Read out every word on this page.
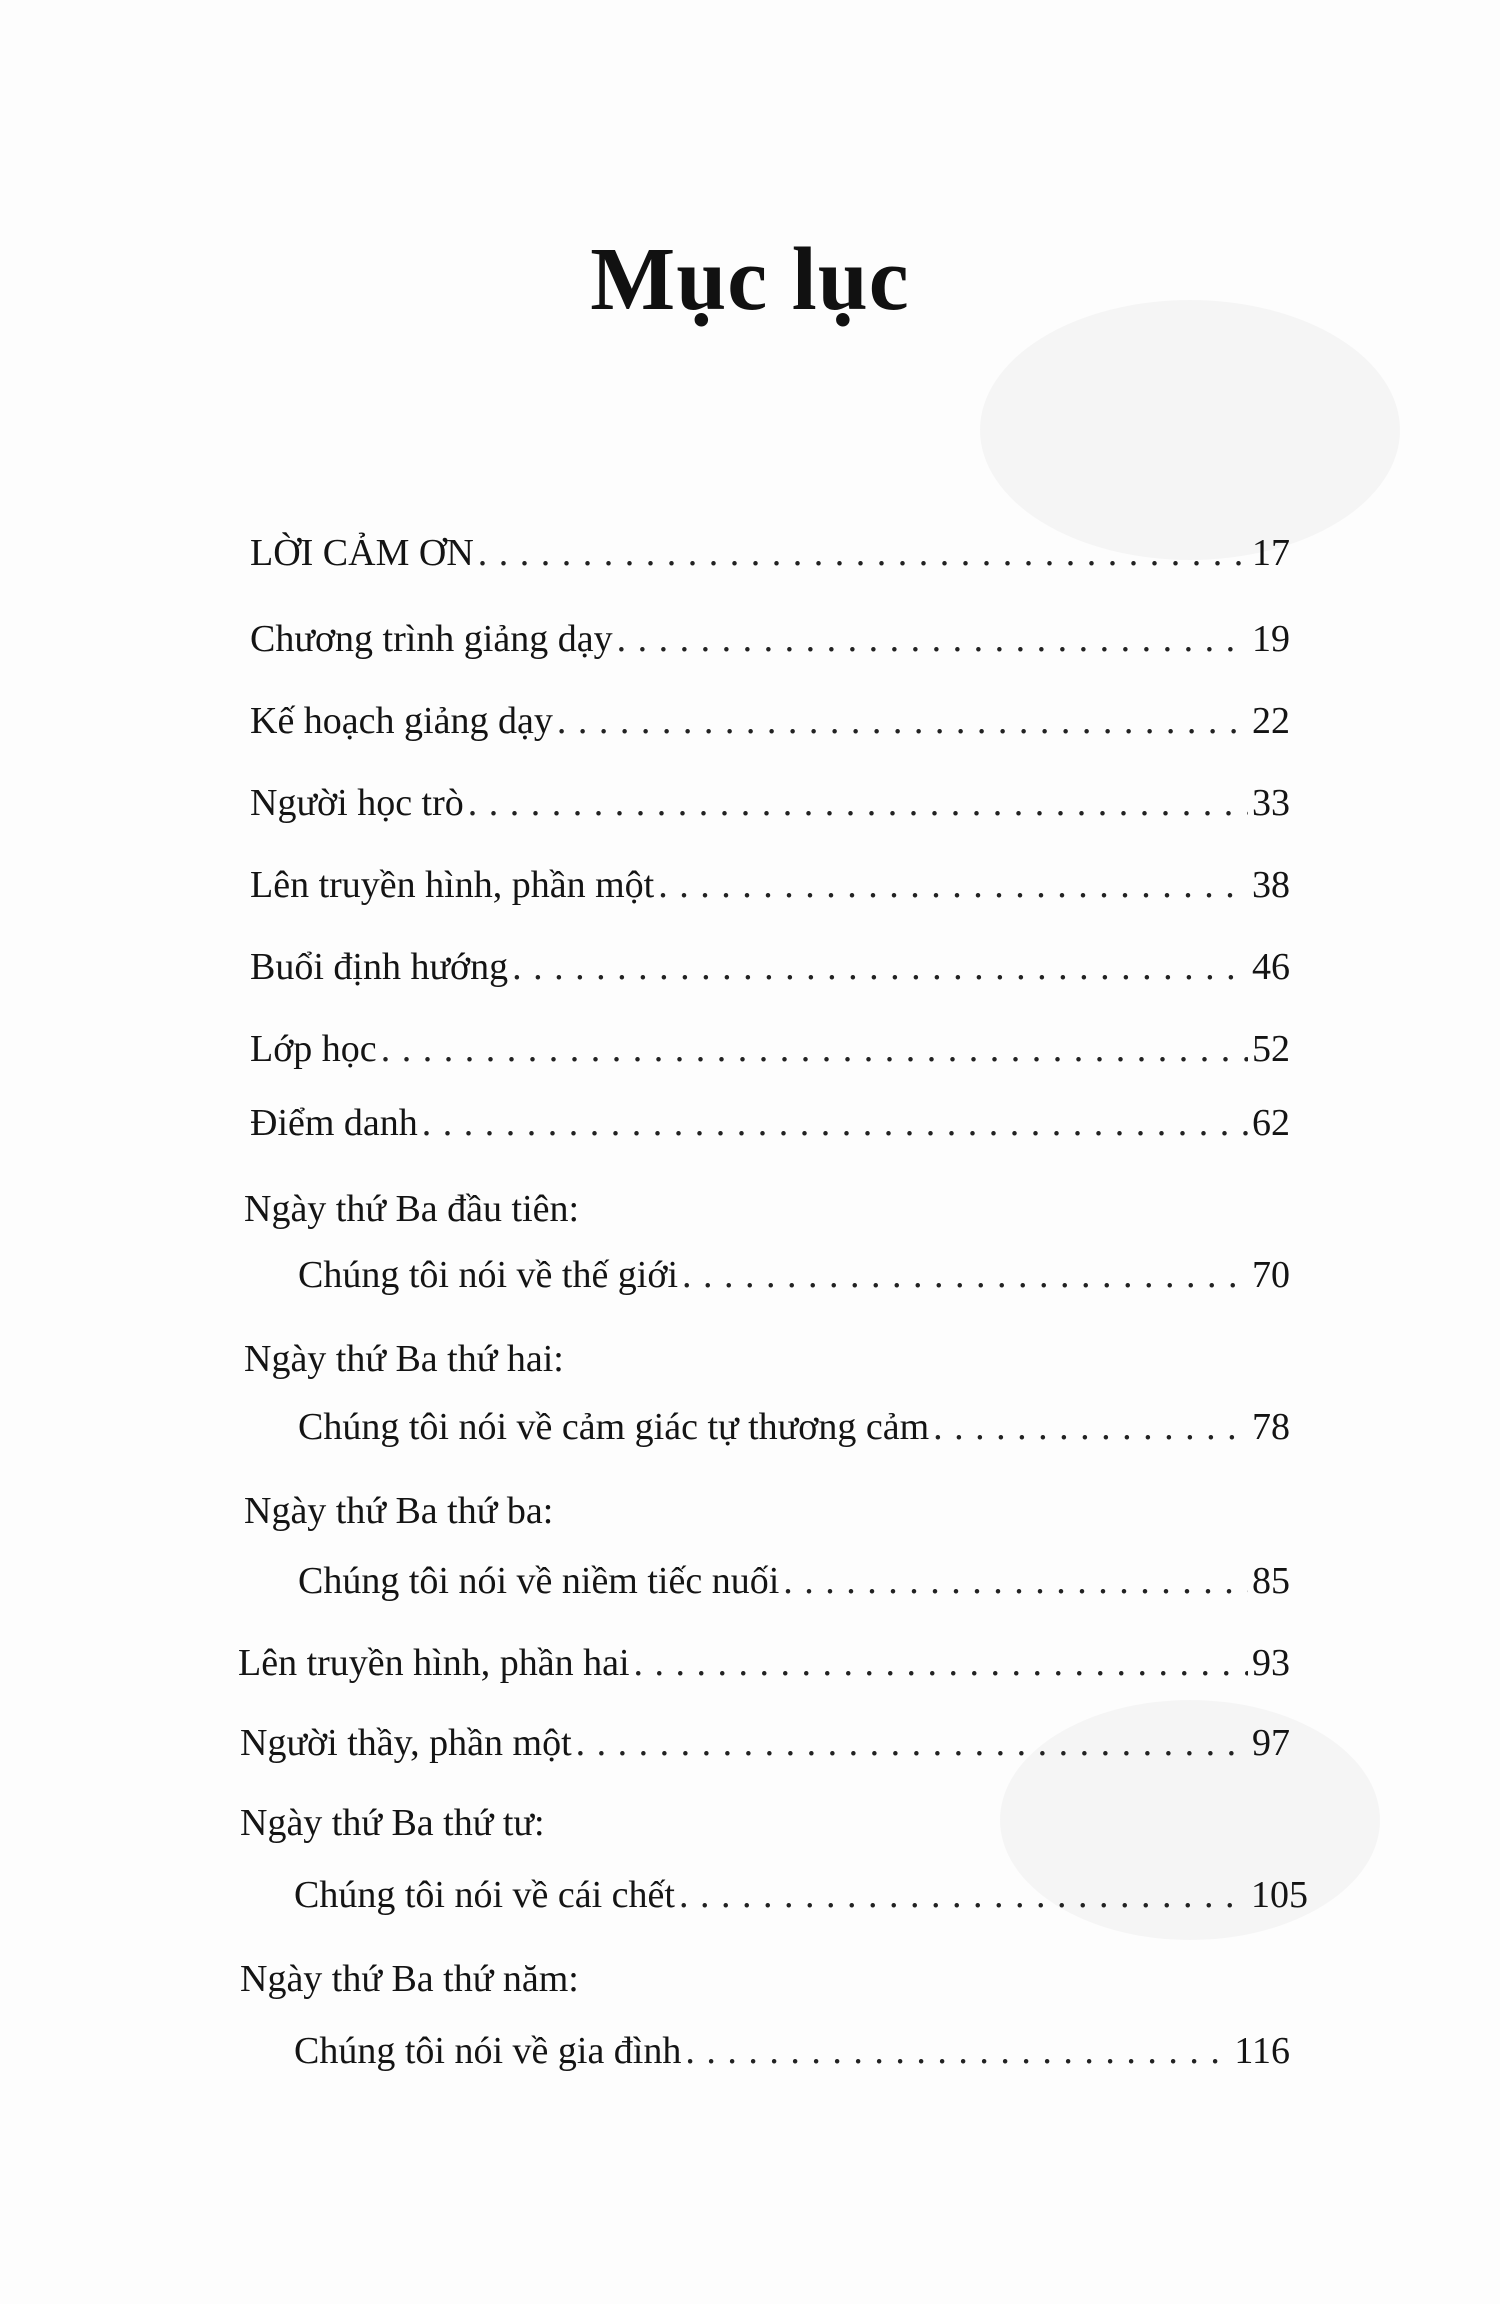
Mục lục
LỜI CẢM ƠN . . .	17
Chương trình giảng dạy . . .	19
Kế hoạch giảng dạy . . .	22
Người học trò . . .	33
Lên truyền hình, phần một . . .	38
Buổi định hướng . . .	46
Lớp học . . .	52
Điểm danh . . .	62
Ngày thứ Ba đầu tiên:
Chúng tôi nói về thế giới . . .	70
Ngày thứ Ba thứ hai:
Chúng tôi nói về cảm giác tự thương cảm . . .	78
Ngày thứ Ba thứ ba:
Chúng tôi nói về niềm tiếc nuối . . .	85
Lên truyền hình, phần hai . . .	93
Người thầy, phần một . . .	97
Ngày thứ Ba thứ tư:
Chúng tôi nói về cái chết . . .	105
Ngày thứ Ba thứ năm:
Chúng tôi nói về gia đình . . .	116
